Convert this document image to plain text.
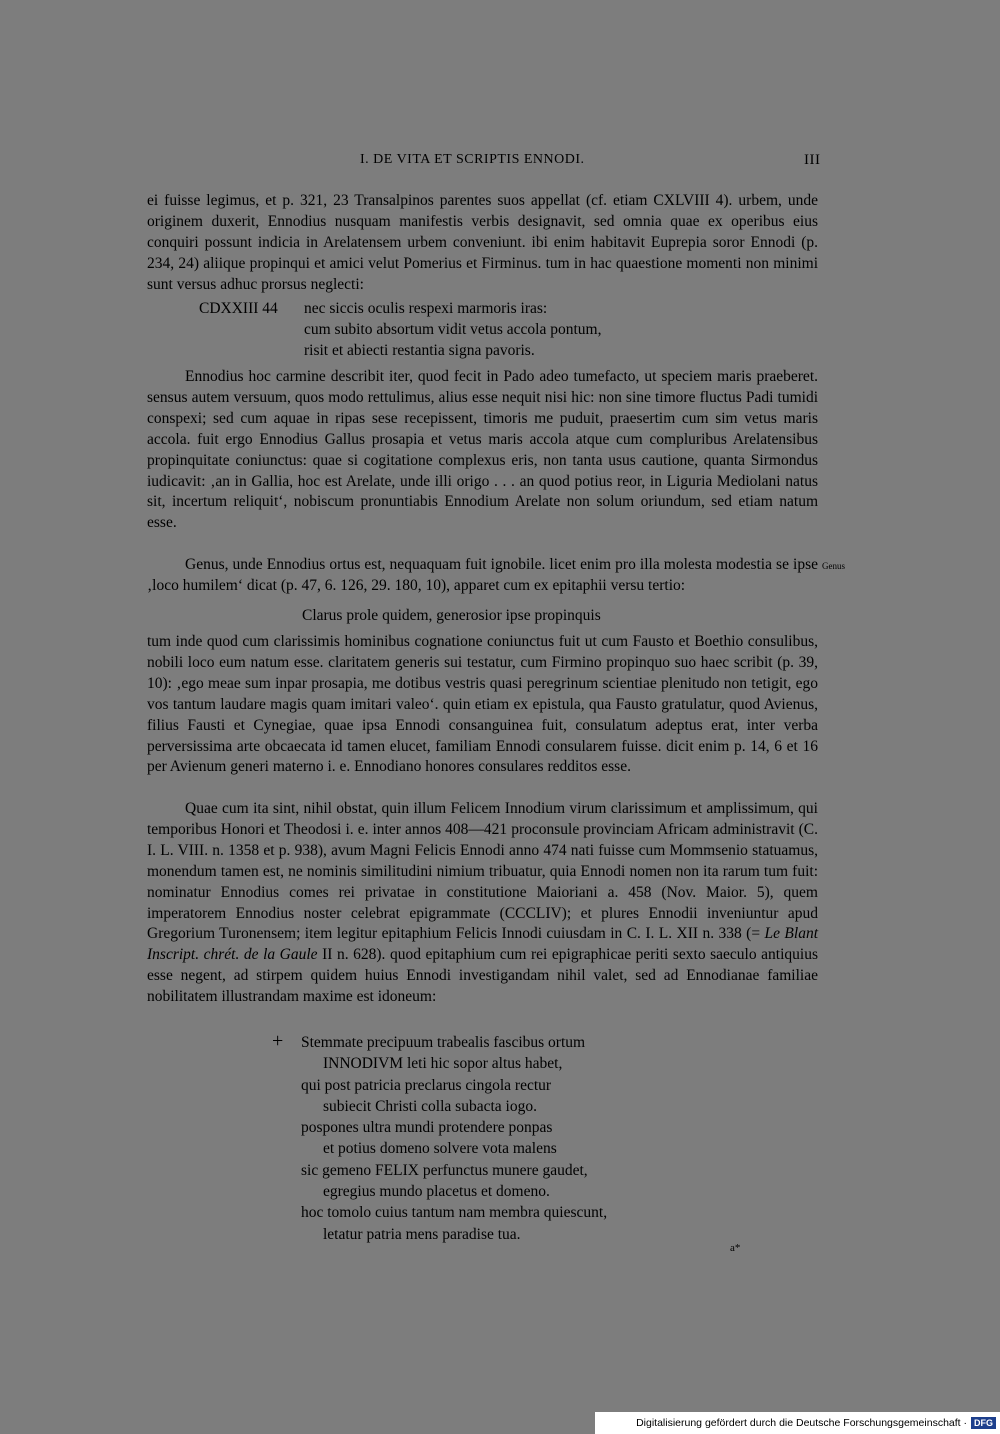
I. DE VITA ET SCRIPTIS ENNODI.	III

ei fuisse legimus, et p. 321, 23 Transalpinos parentes suos appellat (cf. etiam CXLVIII 4). urbem, unde originem duxerit, Ennodius nusquam manifestis verbis designavit, sed omnia quae ex operibus eius conquiri possunt indicia in Arelatensem urbem conveniunt. ibi enim habitavit Euprepia soror Ennodi (p. 234, 24) aliique propinqui et amici velut Pomerius et Firminus. tum in hac quaestione momenti non minimi sunt versus adhuc prorsus neglecti:

CDXXIII 44 nec siccis oculis respexi marmoris iras:
cum subito absortum vidit vetus accola pontum,
risit et abiecti restantia signa pavoris.

Ennodius hoc carmine describit iter, quod fecit in Pado adeo tumefacto, ut speciem maris praeberet. sensus autem versuum, quos modo rettulimus, alius esse nequit nisi hic: non sine timore fluctus Padi tumidi conspexi; sed cum aquae in ripas sese recepissent, timoris me puduit, praesertim cum sim vetus maris accola. fuit ergo Ennodius Gallus prosapia et vetus maris accola atque cum compluribus Arelatensibus propinquitate coniunctus: quae si cogitatione complexus eris, non tanta usus cautione, quanta Sirmondus iudicavit: ‚an in Gallia, hoc est Arelate, unde illi origo . . . an quod potius reor, in Liguria Mediolani natus sit, incertum reliquit‘, nobiscum pronuntiabis Ennodium Arelate non solum oriundum, sed etiam natum esse.

Genus, unde Ennodius ortus est, nequaquam fuit ignobile. licet enim pro illa molesta modestia se ipse ‚loco humilem‘ dicat (p. 47, 6. 126, 29. 180, 10), apparet cum ex epitaphii versu tertio:

Genus
Clarus prole quidem, generosior ipse propinquis

tum inde quod cum clarissimis hominibus cognatione coniunctus fuit ut cum Fausto et Boethio consulibus, nobili loco eum natum esse. claritatem generis sui testatur, cum Firmino propinquo suo haec scribit (p. 39, 10): ‚ego meae sum inpar prosapia, me dotibus vestris quasi peregrinum scientiae plenitudo non tetigit, ego vos tantum laudare magis quam imitari valeo‘. quin etiam ex epistula, qua Fausto gratulatur, quod Avienus, filius Fausti et Cynegiae, quae ipsa Ennodi consanguinea fuit, consulatum adeptus erat, inter verba perversissima arte obcaecata id tamen elucet, familiam Ennodi consularem fuisse. dicit enim p. 14, 6 et 16 per Avienum generi materno i. e. Ennodiano honores consulares redditos esse.

Quae cum ita sint, nihil obstat, quin illum Felicem Innodium virum clarissimum et amplissimum, qui temporibus Honori et Theodosi i. e. inter annos 408—421 proconsule provinciam Africam administravit (C. I. L. VIII. n. 1358 et p. 938), avum Magni Felicis Ennodi anno 474 nati fuisse cum Mommsenio statuamus, monendum tamen est, ne nominis similitudini nimium tribuatur, quia Ennodi nomen non ita rarum tum fuit: nominatur Ennodius comes rei privatae in constitutione Maioriani a. 458 (Nov. Maior. 5), quem imperatorem Ennodius noster celebrat epigrammate (CCCLIV); et plures Ennodii inveniuntur apud Gregorium Turonensem; item legitur epitaphium Felicis Innodi cuiusdam in C. I. L. XII n. 338 (= Le Blant Inscript. chrét. de la Gaule II n. 628). quod epitaphium cum rei epigraphicae periti sexto saeculo antiquius esse negent, ad stirpem quidem huius Ennodi investigandam nihil valet, sed ad Ennodianae familiae nobilitatem illustrandam maxime est idoneum:

+ Stemmate precipuum trabealis fascibus ortum
INNODIVM leti hic sopor altus habet,
qui post patricia preclarus cingola rectur
subiecit Christi colla subacta iogo.
pospones ultra mundi protendere ponpas
et potius domeno solvere vota malens
sic gemeno FELIX perfunctus munere gaudet,
egregius mundo placetus et domeno.
hoc tomolo cuius tantum nam membra quiescunt,
letatur patria mens paradise tua.
a*
Digitalisierung gefördert durch die Deutsche Forschungsgemeinschaft · DFG
